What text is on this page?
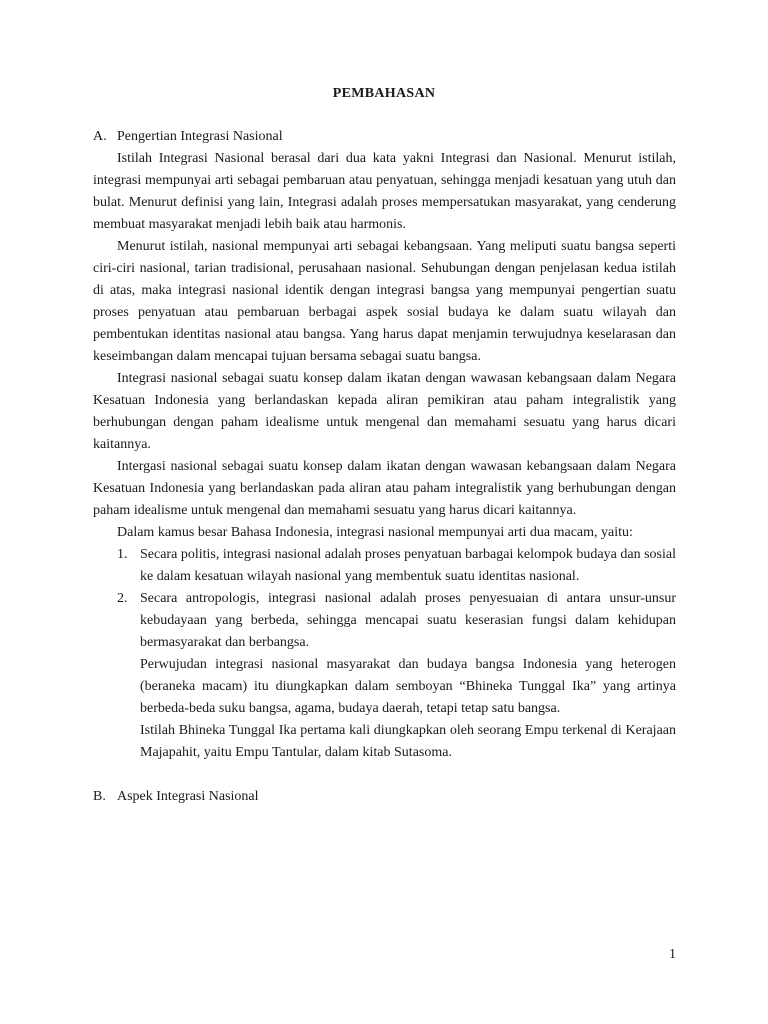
PEMBAHASAN
A. Pengertian Integrasi Nasional

Istilah Integrasi Nasional berasal dari dua kata yakni Integrasi dan Nasional. Menurut istilah, integrasi mempunyai arti sebagai pembaruan atau penyatuan, sehingga menjadi kesatuan yang utuh dan bulat. Menurut definisi yang lain, Integrasi adalah proses mempersatukan masyarakat, yang cenderung membuat masyarakat menjadi lebih baik atau harmonis.

Menurut istilah, nasional mempunyai arti sebagai kebangsaan. Yang meliputi suatu bangsa seperti ciri-ciri nasional, tarian tradisional, perusahaan nasional. Sehubungan dengan penjelasan kedua istilah di atas, maka integrasi nasional identik dengan integrasi bangsa yang mempunyai pengertian suatu proses penyatuan atau pembaruan berbagai aspek sosial budaya ke dalam suatu wilayah dan pembentukan identitas nasional atau bangsa. Yang harus dapat menjamin terwujudnya keselarasan dan keseimbangan dalam mencapai tujuan bersama sebagai suatu bangsa.

Integrasi nasional sebagai suatu konsep dalam ikatan dengan wawasan kebangsaan dalam Negara Kesatuan Indonesia yang berlandaskan kepada aliran pemikiran atau paham integralistik yang berhubungan dengan paham idealisme untuk mengenal dan memahami sesuatu yang harus dicari kaitannya.

Intergasi nasional sebagai suatu konsep dalam ikatan dengan wawasan kebangsaan dalam Negara Kesatuan Indonesia yang berlandaskan pada aliran atau paham integralistik yang berhubungan dengan paham idealisme untuk mengenal dan memahami sesuatu yang harus dicari kaitannya.

Dalam kamus besar Bahasa Indonesia, integrasi nasional mempunyai arti dua macam, yaitu:

1. Secara politis, integrasi nasional adalah proses penyatuan barbagai kelompok budaya dan sosial ke dalam kesatuan wilayah nasional yang membentuk suatu identitas nasional.

2. Secara antropologis, integrasi nasional adalah proses penyesuaian di antara unsur-unsur kebudayaan yang berbeda, sehingga mencapai suatu keserasian fungsi dalam kehidupan bermasyarakat dan berbangsa.

Perwujudan integrasi nasional masyarakat dan budaya bangsa Indonesia yang heterogen (beraneka macam) itu diungkapkan dalam semboyan “Bhineka Tunggal Ika” yang artinya berbeda-beda suku bangsa, agama, budaya daerah, tetapi tetap satu bangsa.

Istilah Bhineka Tunggal Ika pertama kali diungkapkan oleh seorang Empu terkenal di Kerajaan Majapahit, yaitu Empu Tantular, dalam kitab Sutasoma.

B. Aspek Integrasi Nasional
1
